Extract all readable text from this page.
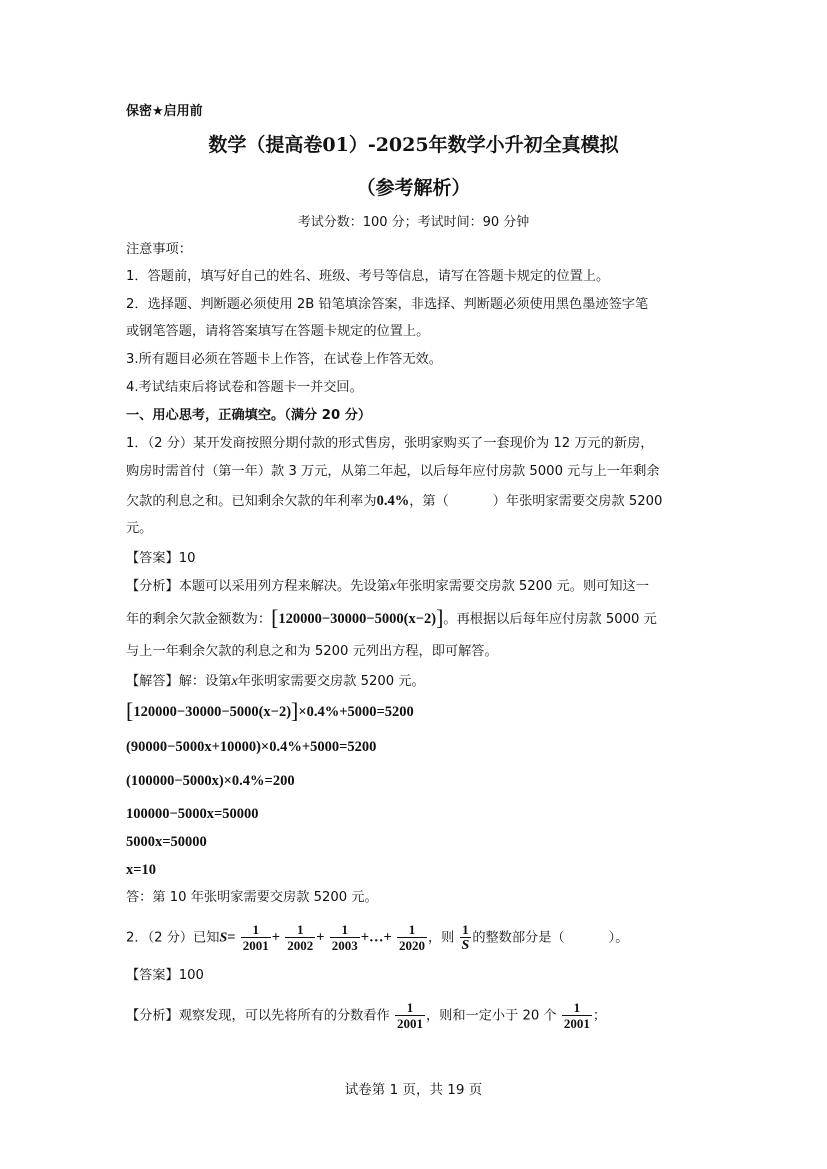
保密★启用前
数学（提高卷01）-2025年数学小升初全真模拟
（参考解析）
考试分数：100 分；考试时间：90 分钟
注意事项：
1．答题前，填写好自己的姓名、班级、考号等信息，请写在答题卡规定的位置上。
2．选择题、判断题必须使用 2B 铅笔填涂答案，非选择、判断题必须使用黑色墨迹签字笔
或钢笔答题，请将答案填写在答题卡规定的位置上。
3.所有题目必须在答题卡上作答，在试卷上作答无效。
4.考试结束后将试卷和答题卡一并交回。
一、用心思考，正确填空。（满分 20 分）
1．（2 分）某开发商按照分期付款的形式售房，张明家购买了一套现价为 12 万元的新房，
购房时需首付（第一年）款 3 万元，从第二年起，以后每年应付房款 5000 元与上一年剩余
欠款的利息之和。已知剩余欠款的年利率为0.4%，第（	）年张明家需要交房款 5200
元。
【答案】10
【分析】本题可以采用列方程来解决。先设第x年张明家需要交房款 5200 元。则可知这一
年的剩余欠款金额数为：[120000−30000−5000(x−2)]。再根据以后每年应付房款 5000 元
与上一年剩余欠款的利息之和为 5200 元列出方程，即可解答。
【解答】解：设第x年张明家需要交房款 5200 元。
[120000−30000−5000(x−2)]×0.4%+5000=5200
(90000−5000x+10000)×0.4%+5000=5200
(100000−5000x)×0.4%=200
100000−5000x=50000
5000x=50000
x=10
答：第 10 年张明家需要交房款 5200 元。
2．（2 分）已知$S= \frac{1}{2001} + \frac{1}{2002} + \frac{1}{2003}$ +…+ $\frac{1}{2020}$ ，则 $\frac{1}{S}$ 的整数部分是（	）。
【答案】100
【分析】观察发现，可以先将所有的分数看作 $\frac{1}{2001}$ ，则和一定小于 20 个 $\frac{1}{2001}$ ；
试卷第 1 页，共 19 页
